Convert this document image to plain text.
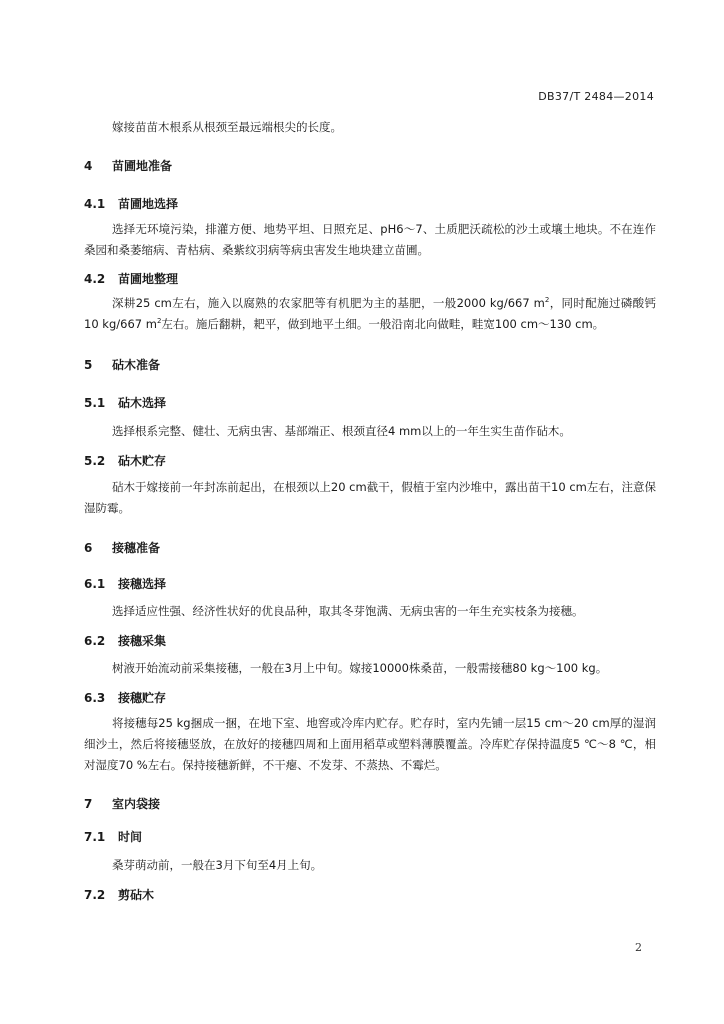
DB37/T 2484—2014
嫁接苗苗木根系从根颈至最远端根尖的长度。
4 苗圃地准备
4.1 苗圃地选择
选择无环境污染，排灌方便、地势平坦、日照充足、pH6～7、土质肥沃疏松的沙土或壤土地块。不在连作桑园和桑萎缩病、青枯病、桑紫纹羽病等病虫害发生地块建立苗圃。
4.2 苗圃地整理
深耕25 cm左右，施入以腐熟的农家肥等有机肥为主的基肥，一般2000 kg/667 $m^2$，同时配施过磷酸钙10 kg/667 $m^2$左右。施后翻耕，耙平，做到地平土细。一般沿南北向做畦，畦宽100 cm～130 cm。
5 砧木准备
5.1 砧木选择
选择根系完整、健壮、无病虫害、基部端正、根颈直径4 mm以上的一年生实生苗作砧木。
5.2 砧木贮存
砧木于嫁接前一年封冻前起出，在根颈以上20 cm截干，假植于室内沙堆中，露出苗干10 cm左右，注意保湿防霉。
6 接穗准备
6.1 接穗选择
选择适应性强、经济性状好的优良品种，取其冬芽饱满、无病虫害的一年生充实枝条为接穗。
6.2 接穗采集
树液开始流动前采集接穗，一般在3月上中旬。嫁接10000株桑苗，一般需接穗80 kg～100 kg。
6.3 接穗贮存
将接穗每25 kg捆成一捆，在地下室、地窖或冷库内贮存。贮存时，室内先铺一层15 cm～20 cm厚的湿润细沙土，然后将接穗竖放，在放好的接穗四周和上面用稻草或塑料薄膜覆盖。冷库贮存保持温度5 ℃～8 ℃，相对湿度70 %左右。保持接穗新鲜，不干瘪、不发芽、不蒸热、不霉烂。
7 室内袋接
7.1 时间
桑芽萌动前，一般在3月下旬至4月上旬。
7.2 剪砧木
2
